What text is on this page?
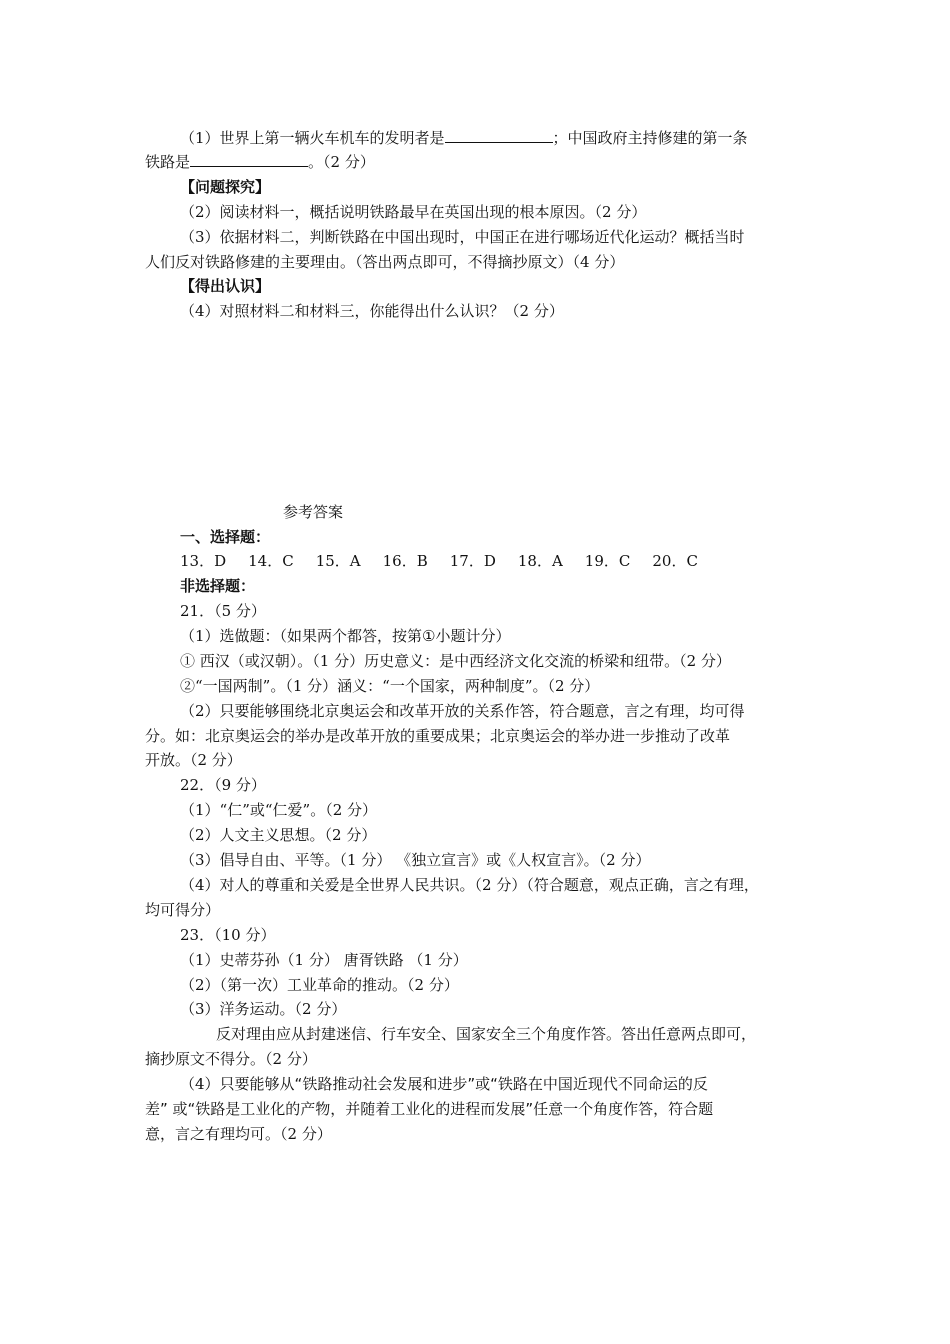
（1）世界上第一辆火车机车的发明者是	；中国政府主持修建的第一条
铁路是	。（2 分）
【问题探究】
（2）阅读材料一，概括说明铁路最早在英国出现的根本原因。（2 分）
（3）依据材料二，判断铁路在中国出现时，中国正在进行哪场近代化运动？概括当时
人们反对铁路修建的主要理由。（答出两点即可，不得摘抄原文）（4 分）
【得出认识】
（4）对照材料二和材料三，你能得出什么认识？（2 分）
参考答案
一、选择题：
13．D 14．C 15．A 16．B 17．D 18．A 19．C 20．C
非选择题：
21．（5 分）
（1）选做题：（如果两个都答，按第①小题计分）
① 西汉（或汉朝）。（1 分）历史意义：是中西经济文化交流的桥梁和纽带。（2 分）
②“一国两制”。（1 分）涵义：“一个国家，两种制度”。（2 分）
（2）只要能够围绕北京奥运会和改革开放的关系作答，符合题意，言之有理，均可得
分。如：北京奥运会的举办是改革开放的重要成果；北京奥运会的举办进一步推动了改革
开放。（2 分）
22．（9 分）
（1）“仁”或“仁爱”。（2 分）
（2）人文主义思想。（2 分）
（3）倡导自由、平等。（1 分） 《独立宣言》或《人权宣言》。（2 分）
（4）对人的尊重和关爱是全世界人民共识。（2 分）（符合题意，观点正确，言之有理，
均可得分）
23．（10 分）
（1）史蒂芬孙（1 分） 唐胥铁路 （1 分）
（2）（第一次）工业革命的推动。（2 分）
（3）洋务运动。（2 分）
反对理由应从封建迷信、行车安全、国家安全三个角度作答。答出任意两点即可，
摘抄原文不得分。（2 分）
（4）只要能够从“铁路推动社会发展和进步”或“铁路在中国近现代不同命运的反
差” 或“铁路是工业化的产物，并随着工业化的进程而发展”任意一个角度作答，符合题
意，言之有理均可。（2 分）
